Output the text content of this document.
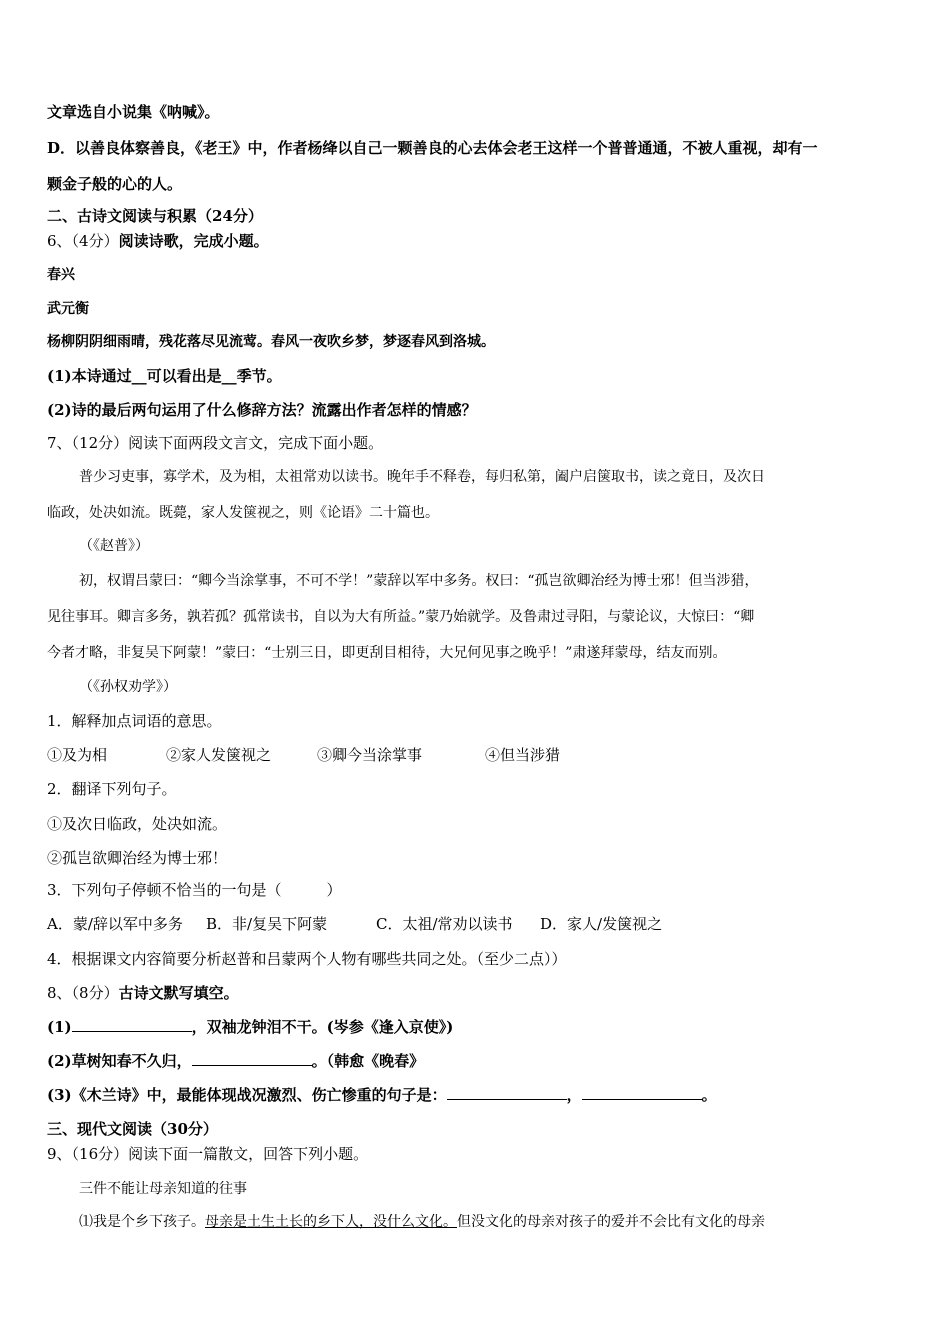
文章选自小说集《呐喊》。
D．以善良体察善良，《老王》中，作者杨绛以自己一颗善良的心去体会老王这样一个普普通通，不被人重视，却有一
颗金子般的心的人。
二、古诗文阅读与积累（24分）
6、（4分）阅读诗歌，完成小题。
春兴
武元衡
杨柳阴阴细雨晴，残花落尽见流莺。春风一夜吹乡梦，梦逐春风到洛城。
(1)本诗通过__可以看出是__季节。
(2)诗的最后两句运用了什么修辞方法？流露出作者怎样的情感？
7、（12分）阅读下面两段文言文，完成下面小题。
普少习吏事，寡学术，及为相，太祖常劝以读书。晚年手不释卷，每归私第，阖户启箧取书，读之竟日，及次日
临政，处决如流。既薨，家人发箧视之，则《论语》二十篇也。
（《赵普》）
初，权谓吕蒙曰：“卿今当涂掌事，不可不学！”蒙辞以军中多务。权曰：“孤岂欲卿治经为博士邪！但当涉猎，
见往事耳。卿言多务，孰若孤？孤常读书，自以为大有所益。”蒙乃始就学。及鲁肃过寻阳，与蒙论议，大惊曰：“卿
今者才略，非复吴下阿蒙！”蒙曰：“士别三日，即更刮目相待，大兄何见事之晚乎！”肃遂拜蒙母，结友而别。
（《孙权劝学》）
1．解释加点词语的意思。
①及为相	②家人发箧视之	③卿今当涂掌事	④但当涉猎
2．翻译下列句子。
①及次日临政，处决如流。
②孤岂欲卿治经为博士邪！
3．下列句子停顿不恰当的一句是（　　　）
A．蒙/辞以军中多务 B．非/复吴下阿蒙	C．太祖/常劝以读书 D．家人/发箧视之
4．根据课文内容简要分析赵普和吕蒙两个人物有哪些共同之处。（至少二点））
8、（8分）古诗文默写填空。
(1)	，双袖龙钟泪不干。(岑参《逢入京使》)
(2)草树知春不久归，	。（韩愈《晚春》
(3)《木兰诗》中，最能体现战况激烈、伤亡惨重的句子是：	，	。
三、现代文阅读（30分）
9、（16分）阅读下面一篇散文，回答下列小题。
三件不能让母亲知道的往事
⑴我是个乡下孩子。母亲是土生土长的乡下人，没什么文化。但没文化的母亲对孩子的爱并不会比有文化的母亲
